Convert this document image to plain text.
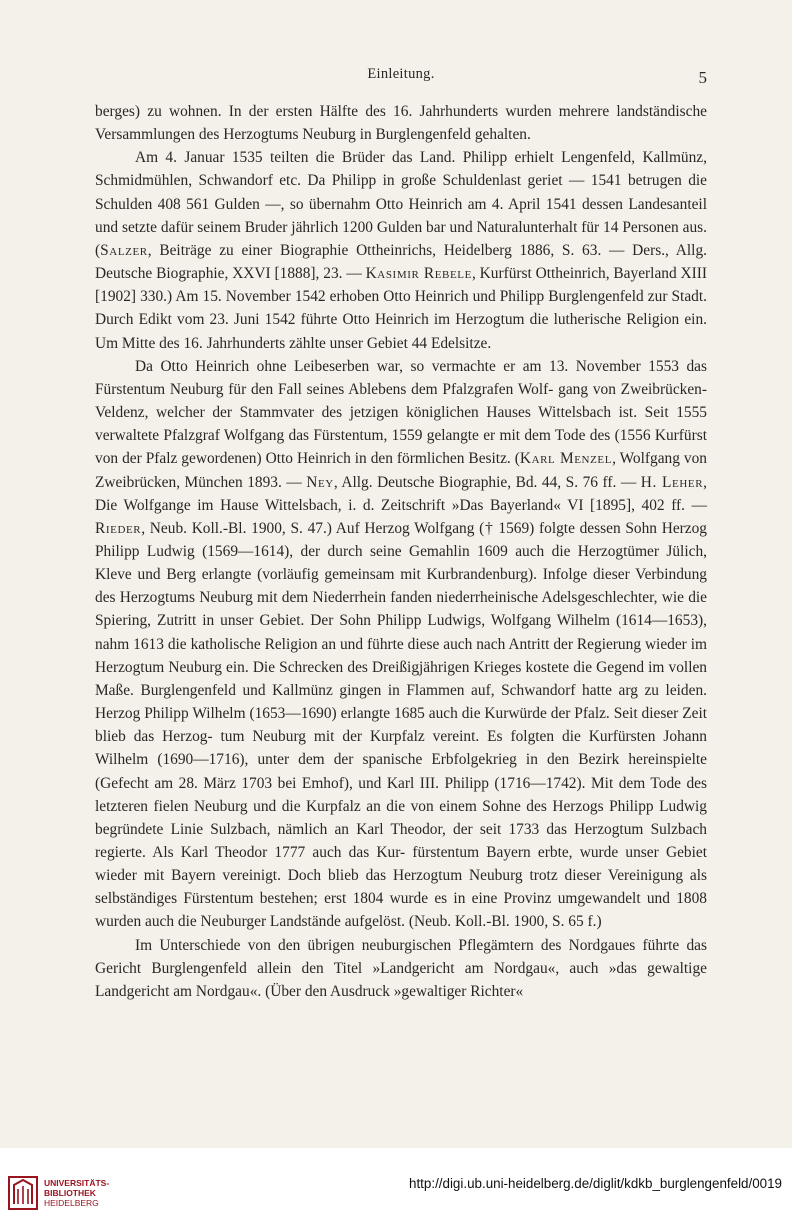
Einleitung.	5

berges) zu wohnen. In der ersten Hälfte des 16. Jahrhunderts wurden mehrere landständische Versammlungen des Herzogtums Neuburg in Burglengenfeld gehalten.

Am 4. Januar 1535 teilten die Brüder das Land. Philipp erhielt Lengenfeld, Kallmünz, Schmidmühlen, Schwandorf etc. Da Philipp in große Schuldenlast geriet — 1541 betrugen die Schulden 408 561 Gulden —, so übernahm Otto Heinrich am 4. April 1541 dessen Landesanteil und setzte dafür seinem Bruder jährlich 1200 Gulden bar und Naturalunterhalt für 14 Personen aus. (Salzer, Beiträge zu einer Biographie Ottheinrichs, Heidelberg 1886, S. 63. — Ders., Allg. Deutsche Biographie, XXVI [1888], 23. — Kasimir Rebele, Kurfürst Ottheinrich, Bayerland XIII [1902] 330.) Am 15. November 1542 erhoben Otto Heinrich und Philipp Burglengenfeld zur Stadt. Durch Edikt vom 23. Juni 1542 führte Otto Heinrich im Herzogtum die lutherische Religion ein. Um Mitte des 16. Jahrhunderts zählte unser Gebiet 44 Edelsitze.

Da Otto Heinrich ohne Leibeserben war, so vermachte er am 13. November 1553 das Fürstentum Neuburg für den Fall seines Ablebens dem Pfalzgrafen Wolf- gang von Zweibrücken-Veldenz, welcher der Stammvater des jetzigen königlichen Hauses Wittelsbach ist. Seit 1555 verwaltete Pfalzgraf Wolfgang das Fürstentum, 1559 gelangte er mit dem Tode des (1556 Kurfürst von der Pfalz gewordenen) Otto Heinrich in den förmlichen Besitz. (Karl Menzel, Wolfgang von Zweibrücken, München 1893. — Ney, Allg. Deutsche Biographie, Bd. 44, S. 76 ff. — H. Leher, Die Wolfgange im Hause Wittelsbach, i. d. Zeitschrift »Das Bayerland« VI [1895], 402 ff. — Rieder, Neub. Koll.-Bl. 1900, S. 47.) Auf Herzog Wolfgang († 1569) folgte dessen Sohn Herzog Philipp Ludwig (1569—1614), der durch seine Gemahlin 1609 auch die Herzogtümer Jülich, Kleve und Berg erlangte (vorläufig gemeinsam mit Kurbrandenburg). Infolge dieser Verbindung des Herzogtums Neuburg mit dem Niederrhein fanden niederrheinische Adelsgeschlechter, wie die Spiering, Zutritt in unser Gebiet. Der Sohn Philipp Ludwigs, Wolfgang Wilhelm (1614—1653), nahm 1613 die katholische Religion an und führte diese auch nach Antritt der Regierung wieder im Herzogtum Neuburg ein. Die Schrecken des Dreißigjährigen Krieges kostete die Gegend im vollen Maße. Burglengenfeld und Kallmünz gingen in Flammen auf, Schwandorf hatte arg zu leiden. Herzog Philipp Wilhelm (1653—1690) erlangte 1685 auch die Kurwürde der Pfalz. Seit dieser Zeit blieb das Herzog- tum Neuburg mit der Kurpfalz vereint. Es folgten die Kurfürsten Johann Wilhelm (1690—1716), unter dem der spanische Erbfolgekrieg in den Bezirk hereinspielte (Gefecht am 28. März 1703 bei Emhof), und Karl III. Philipp (1716—1742). Mit dem Tode des letzteren fielen Neuburg und die Kurpfalz an die von einem Sohne des Herzogs Philipp Ludwig begründete Linie Sulzbach, nämlich an Karl Theodor, der seit 1733 das Herzogtum Sulzbach regierte. Als Karl Theodor 1777 auch das Kur- fürstentum Bayern erbte, wurde unser Gebiet wieder mit Bayern vereinigt. Doch blieb das Herzogtum Neuburg trotz dieser Vereinigung als selbständiges Fürstentum bestehen; erst 1804 wurde es in eine Provinz umgewandelt und 1808 wurden auch die Neuburger Landstände aufgelöst. (Neub. Koll.-Bl. 1900, S. 65 f.)

Im Unterschiede von den übrigen neuburgischen Pflegämtern des Nordgaues führte das Gericht Burglengenfeld allein den Titel »Landgericht am Nordgau«, auch »das gewaltige Landgericht am Nordgau«. (Über den Ausdruck »gewaltiger Richter«

UNIVERSITÄTS-
BIBLIOTHEK
HEIDELBERG
http://digi.ub.uni-heidelberg.de/diglit/kdkb_burglengenfeld/0019
